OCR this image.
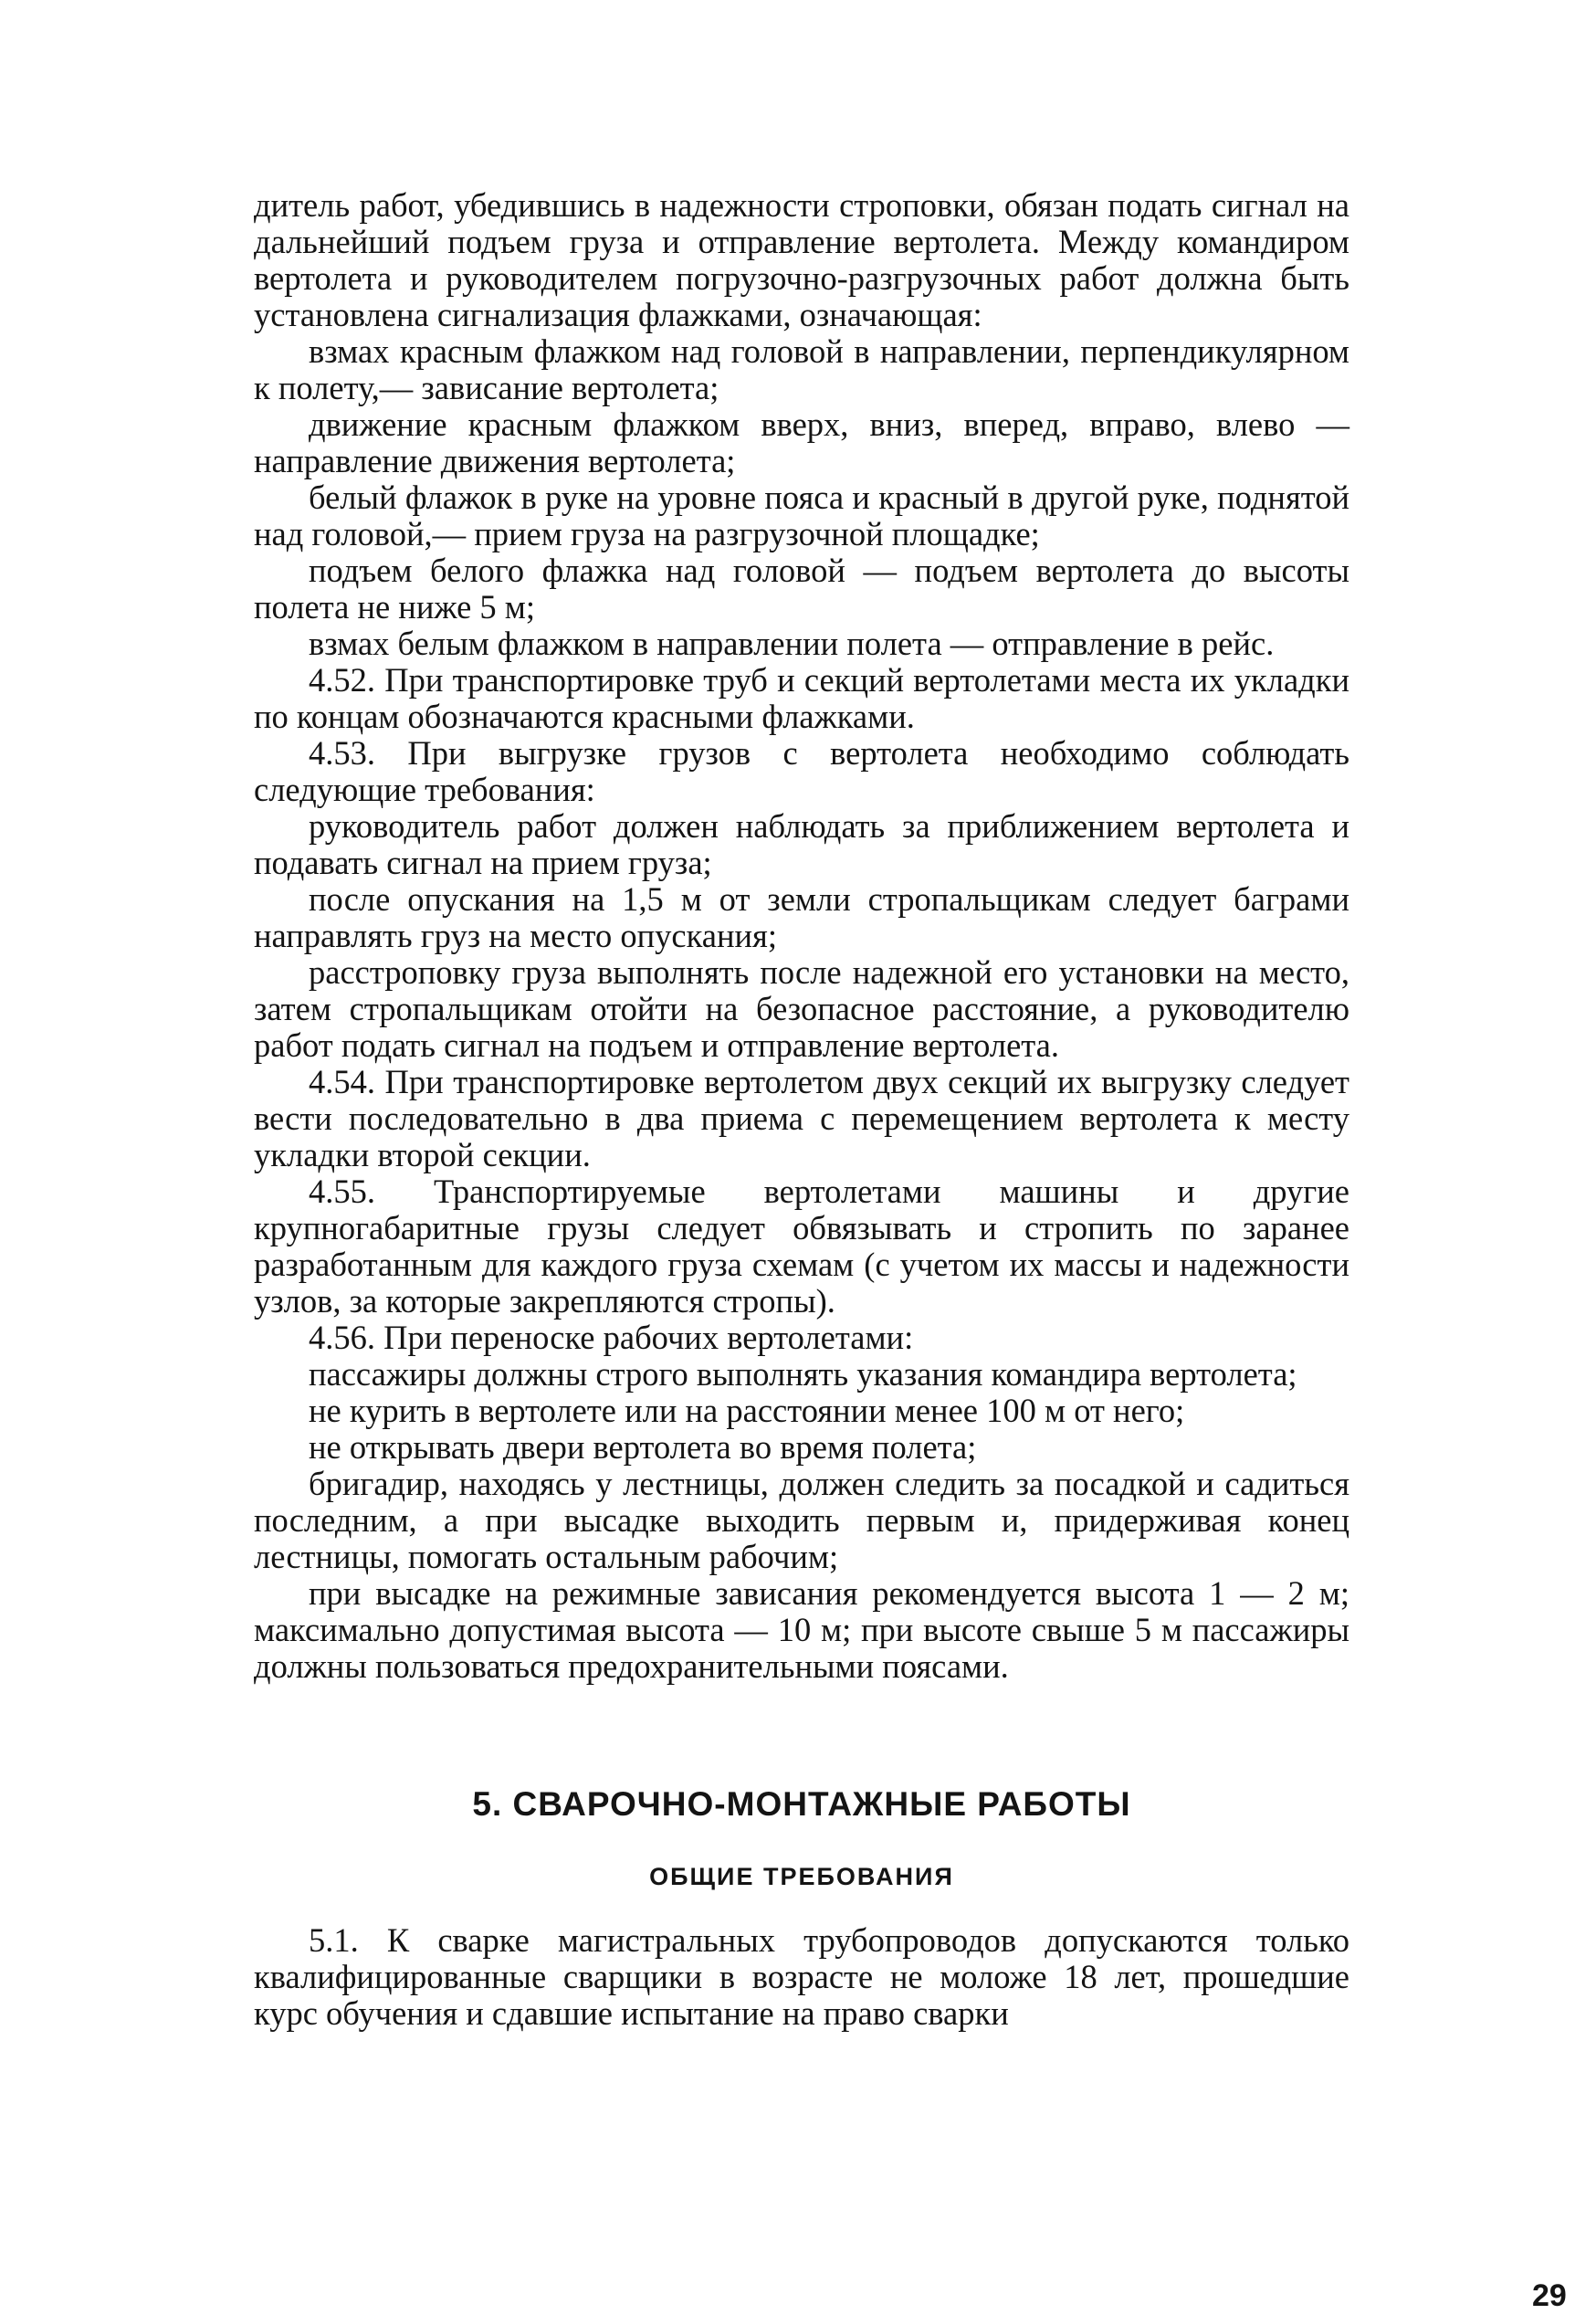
дитель работ, убедившись в надежности строповки, обязан подать сигнал на дальнейший подъем груза и отправление вертолета. Между командиром вертолета и руководителем погрузочно-разгрузочных работ должна быть установлена сигнализация флажками, означающая:

взмах красным флажком над головой в направлении, перпендикулярном к полету,— зависание вертолета;

движение красным флажком вверх, вниз, вперед, вправо, влево — направление движения вертолета;

белый флажок в руке на уровне пояса и красный в другой руке, поднятой над головой,— прием груза на разгрузочной площадке;

подъем белого флажка над головой — подъем вертолета до высоты полета не ниже 5 м;

взмах белым флажком в направлении полета — отправление в рейс.

4.52. При транспортировке труб и секций вертолетами места их укладки по концам обозначаются красными флажками.

4.53. При выгрузке грузов с вертолета необходимо соблюдать следующие требования:

руководитель работ должен наблюдать за приближением вертолета и подавать сигнал на прием груза;

после опускания на 1,5 м от земли стропальщикам следует баграми направлять груз на место опускания;

расстроповку груза выполнять после надежной его установки на место, затем стропальщикам отойти на безопасное расстояние, а руководителю работ подать сигнал на подъем и отправление вертолета.

4.54. При транспортировке вертолетом двух секций их выгрузку следует вести последовательно в два приема с перемещением вертолета к месту укладки второй секции.

4.55. Транспортируемые вертолетами машины и другие крупногабаритные грузы следует обвязывать и стропить по заранее разработанным для каждого груза схемам (с учетом их массы и надежности узлов, за которые закрепляются стропы).

4.56. При переноске рабочих вертолетами:

пассажиры должны строго выполнять указания командира вертолета;

не курить в вертолете или на расстоянии менее 100 м от него;

не открывать двери вертолета во время полета;

бригадир, находясь у лестницы, должен следить за посадкой и садиться последним, а при высадке выходить первым и, придерживая конец лестницы, помогать остальным рабочим;

при высадке на режимные зависания рекомендуется высота 1 — 2 м; максимально допустимая высота — 10 м; при высоте свыше 5 м пассажиры должны пользоваться предохранительными поясами.

5. СВАРОЧНО-МОНТАЖНЫЕ РАБОТЫ
ОБЩИЕ ТРЕБОВАНИЯ

5.1. К сварке магистральных трубопроводов допускаются только квалифицированные сварщики в возрасте не моложе 18 лет, прошедшие курс обучения и сдавшие испытание на право сварки

29
